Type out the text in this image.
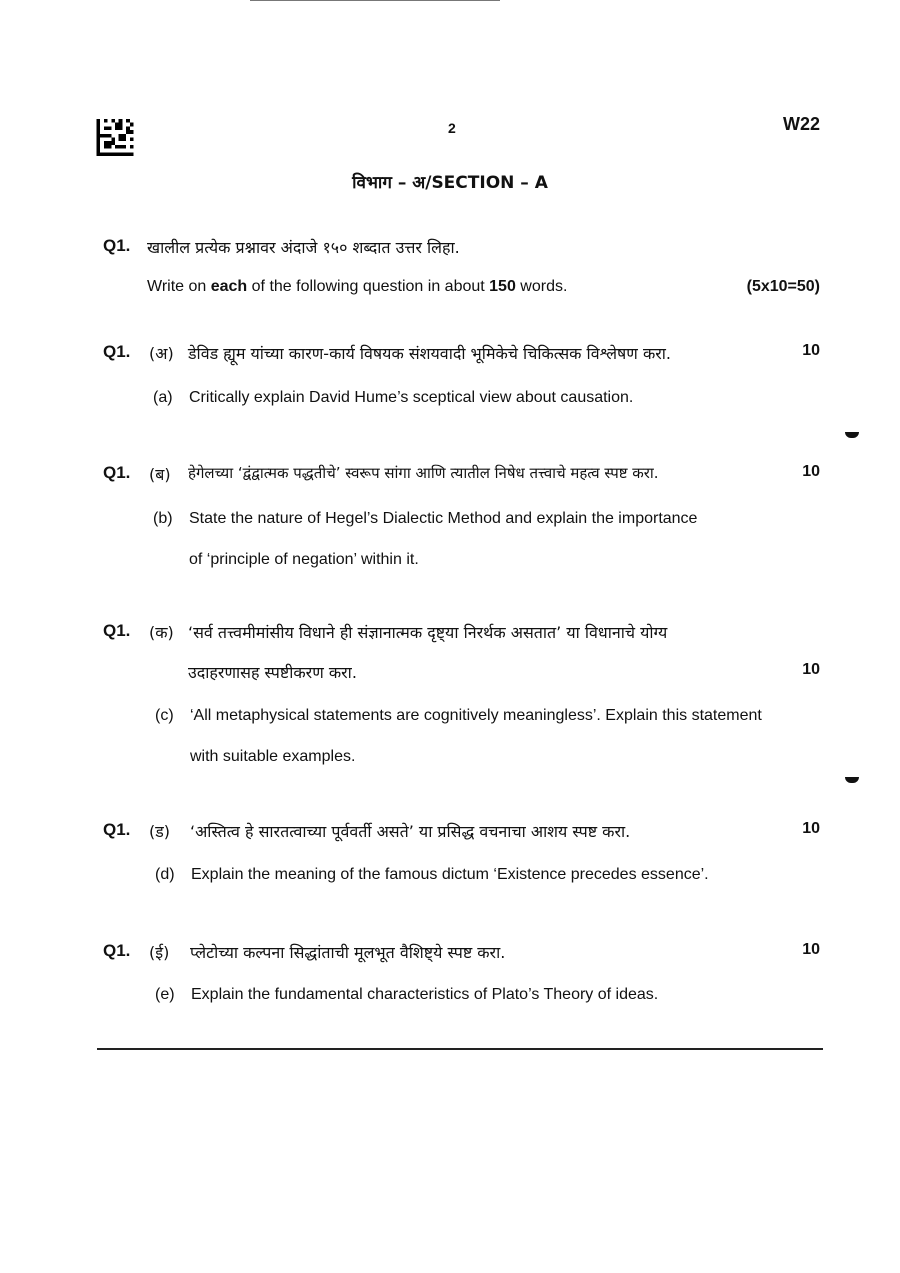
2	W22
विभाग – अ/SECTION – A
Q1. खालील प्रत्येक प्रश्नावर अंदाजे १५० शब्दात उत्तर लिहा.
Write on each of the following question in about 150 words.	(5x10=50)
Q1. (अ) डेविड ह्यूम यांच्या कारण-कार्य विषयक संशयवादी भूमिकेचे चिकित्सक विश्लेषण करा.	10
(a) Critically explain David Hume’s sceptical view about causation.
Q1. (ब) हेगेलच्या ‘द्वंद्वात्मक पद्धतीचे’ स्वरूप सांगा आणि त्यातील निषेध तत्त्वाचे महत्व स्पष्ट करा.	10
(b) State the nature of Hegel’s Dialectic Method and explain the importance
of ‘principle of negation’ within it.
Q1. (क) ‘सर्व तत्त्वमीमांसीय विधाने ही संज्ञानात्मक दृष्ट्या निरर्थक असतात’ या विधानाचे योग्य
उदाहरणासह स्पष्टीकरण करा.	10
(c) ‘All metaphysical statements are cognitively meaningless’. Explain this statement
with suitable examples.
Q1. (ड) ‘अस्तित्व हे सारतत्वाच्या पूर्ववर्ती असते’ या प्रसिद्ध वचनाचा आशय स्पष्ट करा.	10
(d) Explain the meaning of the famous dictum ‘Existence precedes essence’.
Q1. (ई) प्लेटोच्या कल्पना सिद्धांताची मूलभूत वैशिष्ट्ये स्पष्ट करा.	10
(e) Explain the fundamental characteristics of Plato’s Theory of ideas.
